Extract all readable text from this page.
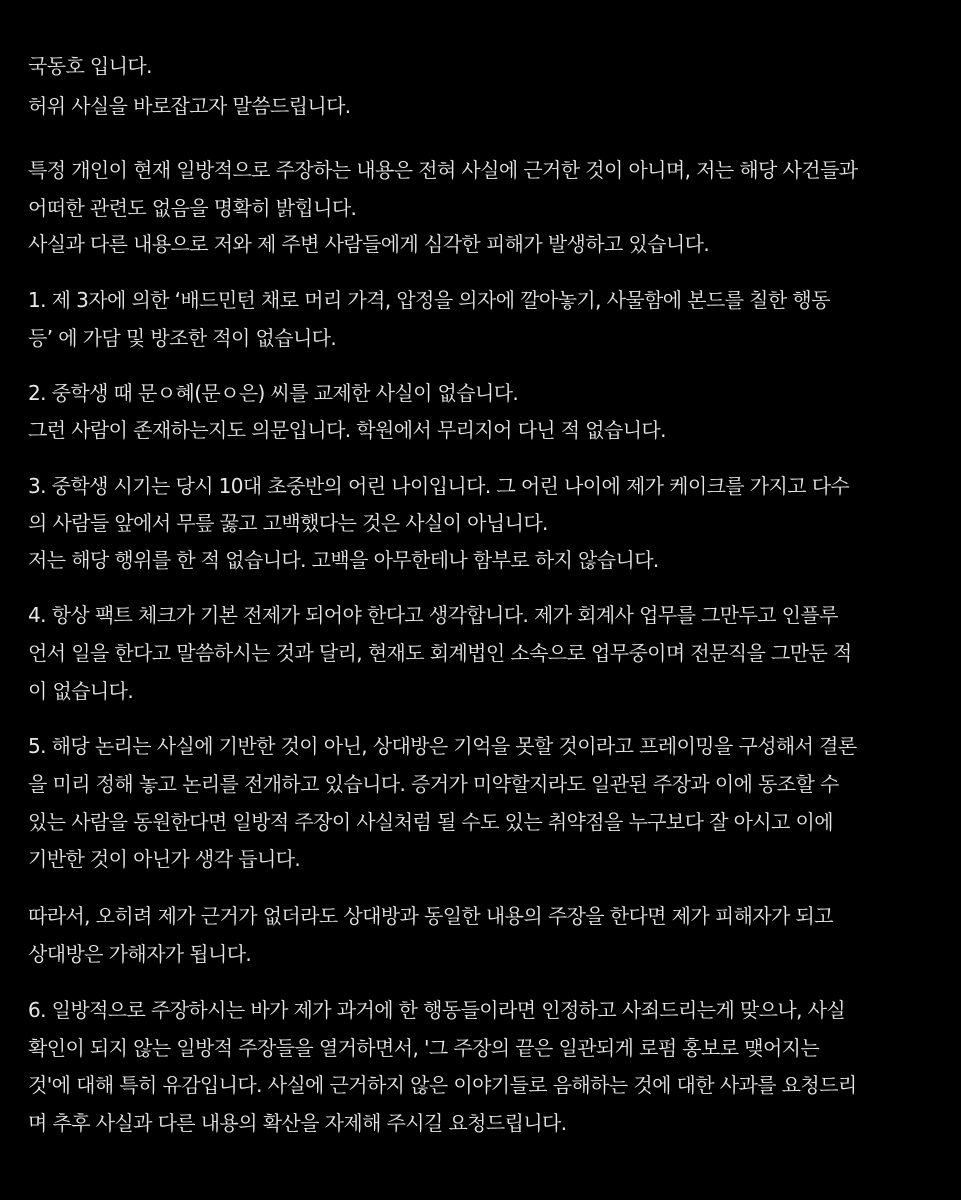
국동호 입니다.
허위 사실을 바로잡고자 말씀드립니다.
특정 개인이 현재 일방적으로 주장하는 내용은 전혀 사실에 근거한 것이 아니며, 저는 해당 사건들과
어떠한 관련도 없음을 명확히 밝힙니다.
사실과 다른 내용으로 저와 제 주변 사람들에게 심각한 피해가 발생하고 있습니다.
1. 제 3자에 의한 ‘배드민턴 채로 머리 가격, 압정을 의자에 깔아놓기, 사물함에 본드를 칠한 행동
등’ 에 가담 및 방조한 적이 없습니다.
2. 중학생 때 문ㅇ혜(문ㅇ은) 씨를 교제한 사실이 없습니다.
그런 사람이 존재하는지도 의문입니다. 학원에서 무리지어 다닌 적 없습니다.
3. 중학생 시기는 당시 10대 초중반의 어린 나이입니다. 그 어린 나이에 제가 케이크를 가지고 다수
의 사람들 앞에서 무릎 꿇고 고백했다는 것은 사실이 아닙니다.
저는 해당 행위를 한 적 없습니다. 고백을 아무한테나 함부로 하지 않습니다.
4. 항상 팩트 체크가 기본 전제가 되어야 한다고 생각합니다. 제가 회계사 업무를 그만두고 인플루
언서 일을 한다고 말씀하시는 것과 달리, 현재도 회계법인 소속으로 업무중이며 전문직을 그만둔 적
이 없습니다.
5. 해당 논리는 사실에 기반한 것이 아닌, 상대방은 기억을 못할 것이라고 프레이밍을 구성해서 결론
을 미리 정해 놓고 논리를 전개하고 있습니다. 증거가 미약할지라도 일관된 주장과 이에 동조할 수
있는 사람을 동원한다면 일방적 주장이 사실처럼 될 수도 있는 취약점을 누구보다 잘 아시고 이에
기반한 것이 아닌가 생각 듭니다.
따라서, 오히려 제가 근거가 없더라도 상대방과 동일한 내용의 주장을 한다면 제가 피해자가 되고
상대방은 가해자가 됩니다.
6. 일방적으로 주장하시는 바가 제가 과거에 한 행동들이라면 인정하고 사죄드리는게 맞으나, 사실
확인이 되지 않는 일방적 주장들을 열거하면서, '그 주장의 끝은 일관되게 로펌 홍보로 맺어지는
것'에 대해 특히 유감입니다. 사실에 근거하지 않은 이야기들로 음해하는 것에 대한 사과를 요청드리
며 추후 사실과 다른 내용의 확산을 자제해 주시길 요청드립니다.
